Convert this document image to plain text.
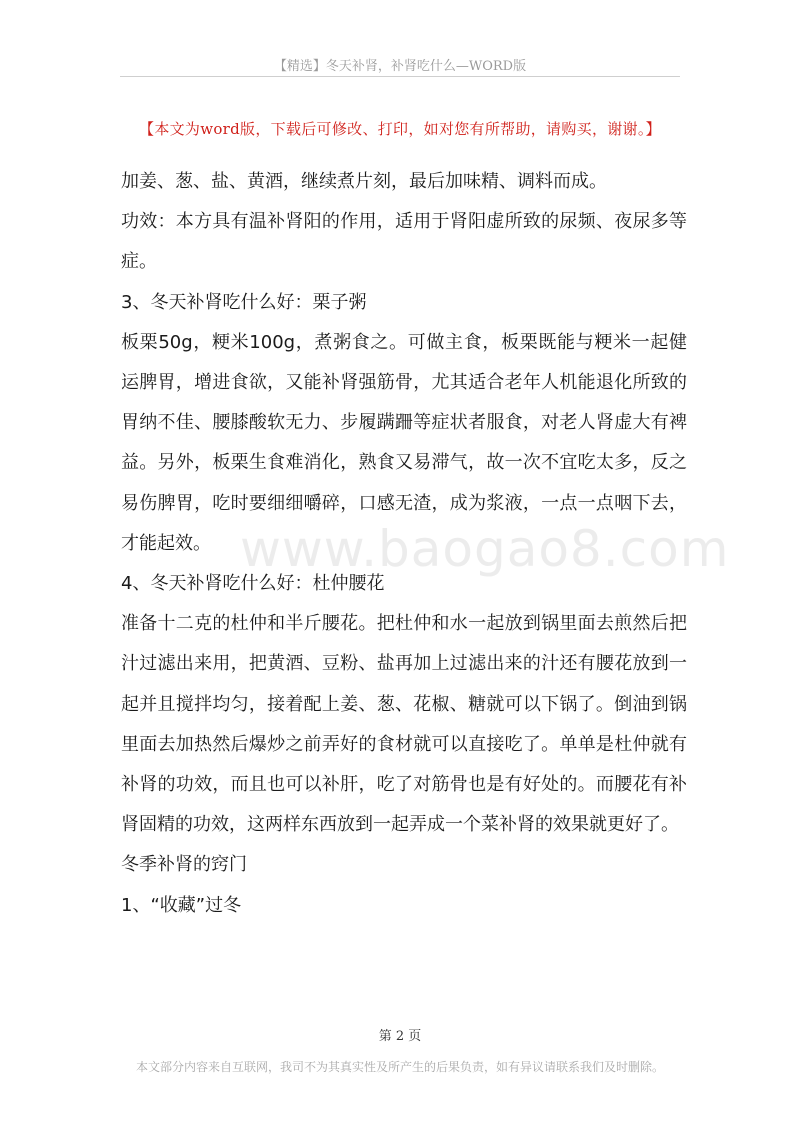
【精选】冬天补肾，补肾吃什么—WORD版
【本文为word版，下载后可修改、打印，如对您有所帮助，请购买，谢谢。】
www.baogao8.com

加姜、葱、盐、黄酒，继续煮片刻，最后加味精、调料而成。

功效：本方具有温补肾阳的作用，适用于肾阳虚所致的尿频、夜尿多等症。

3、冬天补肾吃什么好：栗子粥

板栗50g，粳米100g，煮粥食之。可做主食，板栗既能与粳米一起健运脾胃，增进食欲，又能补肾强筋骨，尤其适合老年人机能退化所致的胃纳不佳、腰膝酸软无力、步履蹒跚等症状者服食，对老人肾虚大有裨益。另外，板栗生食难消化，熟食又易滞气，故一次不宜吃太多，反之易伤脾胃，吃时要细细嚼碎，口感无渣，成为浆液，一点一点咽下去，才能起效。

4、冬天补肾吃什么好：杜仲腰花

准备十二克的杜仲和半斤腰花。把杜仲和水一起放到锅里面去煎然后把汁过滤出来用，把黄酒、豆粉、盐再加上过滤出来的汁还有腰花放到一起并且搅拌均匀，接着配上姜、葱、花椒、糖就可以下锅了。倒油到锅里面去加热然后爆炒之前弄好的食材就可以直接吃了。单单是杜仲就有补肾的功效，而且也可以补肝，吃了对筋骨也是有好处的。而腰花有补肾固精的功效，这两样东西放到一起弄成一个菜补肾的效果就更好了。

冬季补肾的窍门

1、“收藏”过冬

第 2 页
本文部分内容来自互联网，我司不为其真实性及所产生的后果负责，如有异议请联系我们及时删除。
